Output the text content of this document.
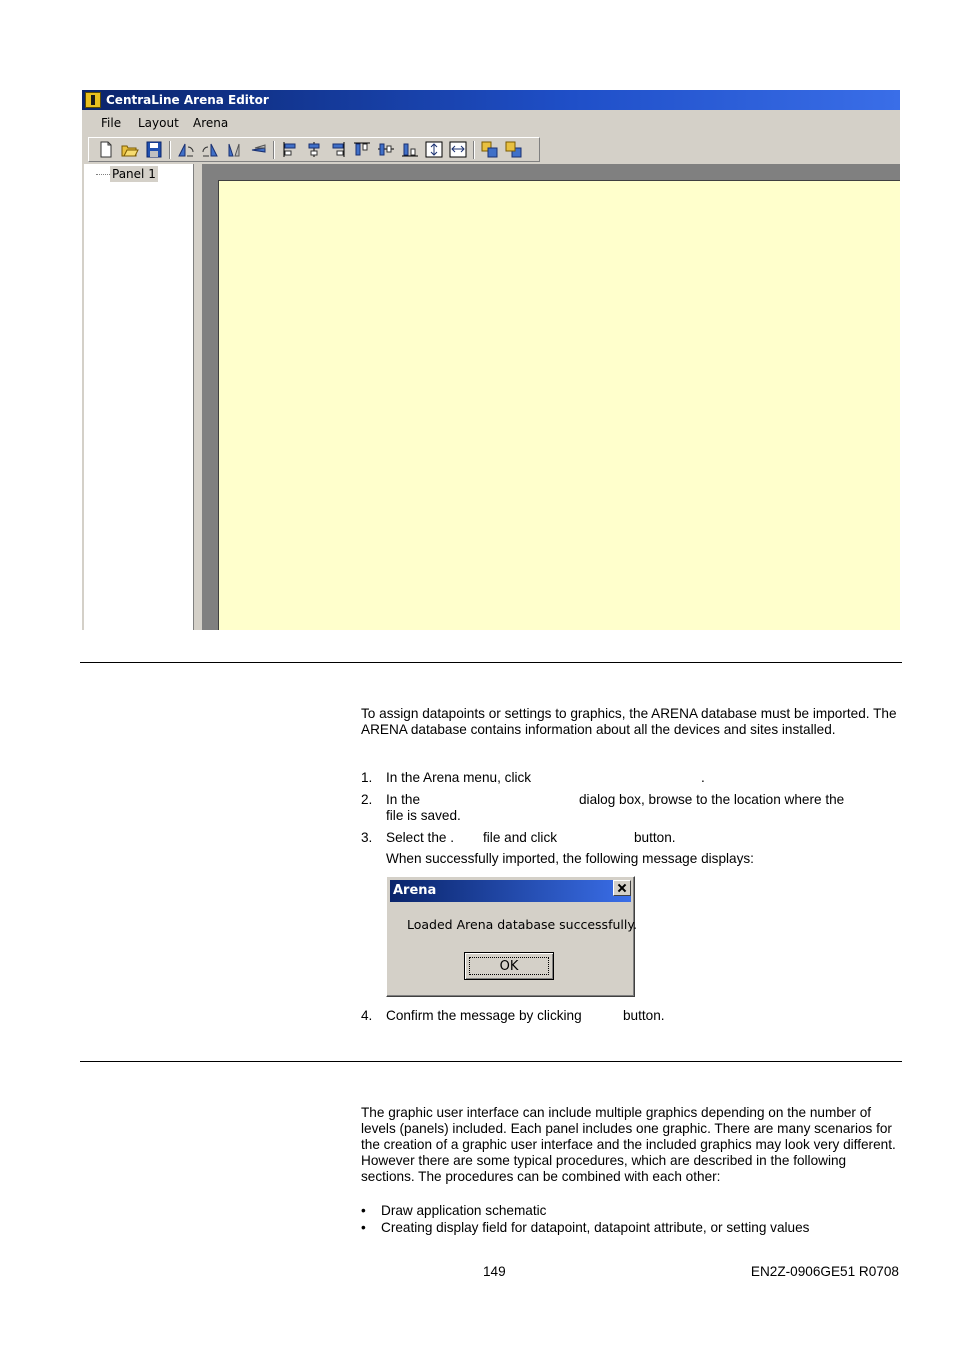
CentraLine Arena Editor
File Layout Arena
Panel 1
To assign datapoints or settings to graphics, the ARENA database must be imported. The ARENA database contains information about all the devices and sites installed.
1. In the Arena menu, click	.
2. In the	dialog box, browse to the location where the
file is saved.
3. Select the . file and click	button.
When successfully imported, the following message displays:
Arena
Loaded Arena database successfully.
OK
4. Confirm the message by clicking	button.
The graphic user interface can include multiple graphics depending on the number of levels (panels) included. Each panel includes one graphic. There are many scenarios for the creation of a graphic user interface and the included graphics may look very different. However there are some typical procedures, which are described in the following sections. The procedures can be combined with each other:
• Draw application schematic
• Creating display field for datapoint, datapoint attribute, or setting values
149	EN2Z-0906GE51 R0708
